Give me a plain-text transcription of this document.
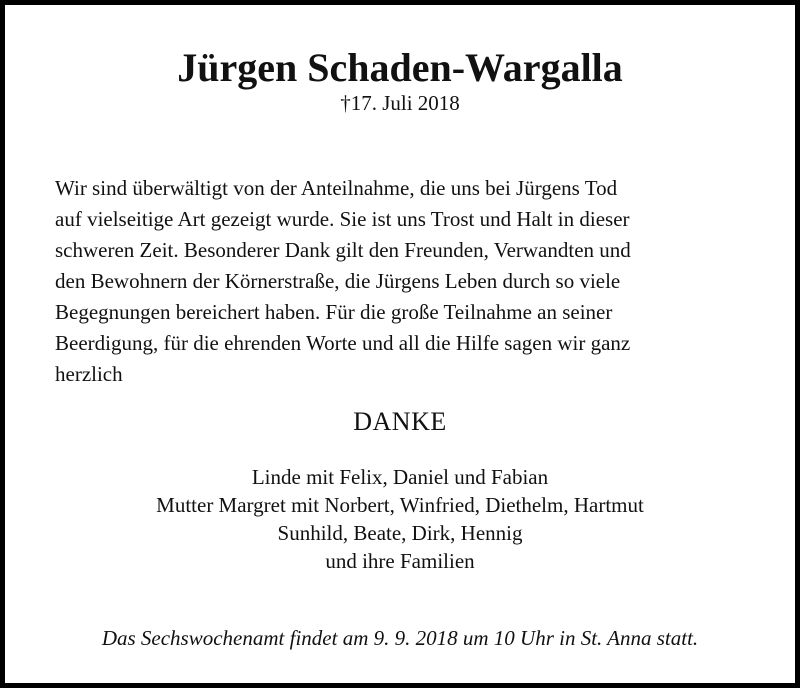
Jürgen Schaden-Wargalla
†17. Juli 2018
Wir sind überwältigt von der Anteilnahme, die uns bei Jürgens Tod
auf vielseitige Art gezeigt wurde. Sie ist uns Trost und Halt in dieser
schweren Zeit. Besonderer Dank gilt den Freunden, Verwandten und
den Bewohnern der Körnerstraße, die Jürgens Leben durch so viele
Begegnungen bereichert haben. Für die große Teilnahme an seiner
Beerdigung, für die ehrenden Worte und all die Hilfe sagen wir ganz
herzlich
DANKE
Linde mit Felix, Daniel und Fabian
Mutter Margret mit Norbert, Winfried, Diethelm, Hartmut
Sunhild, Beate, Dirk, Hennig
und ihre Familien
Das Sechswochenamt findet am 9. 9. 2018 um 10 Uhr in St. Anna statt.
